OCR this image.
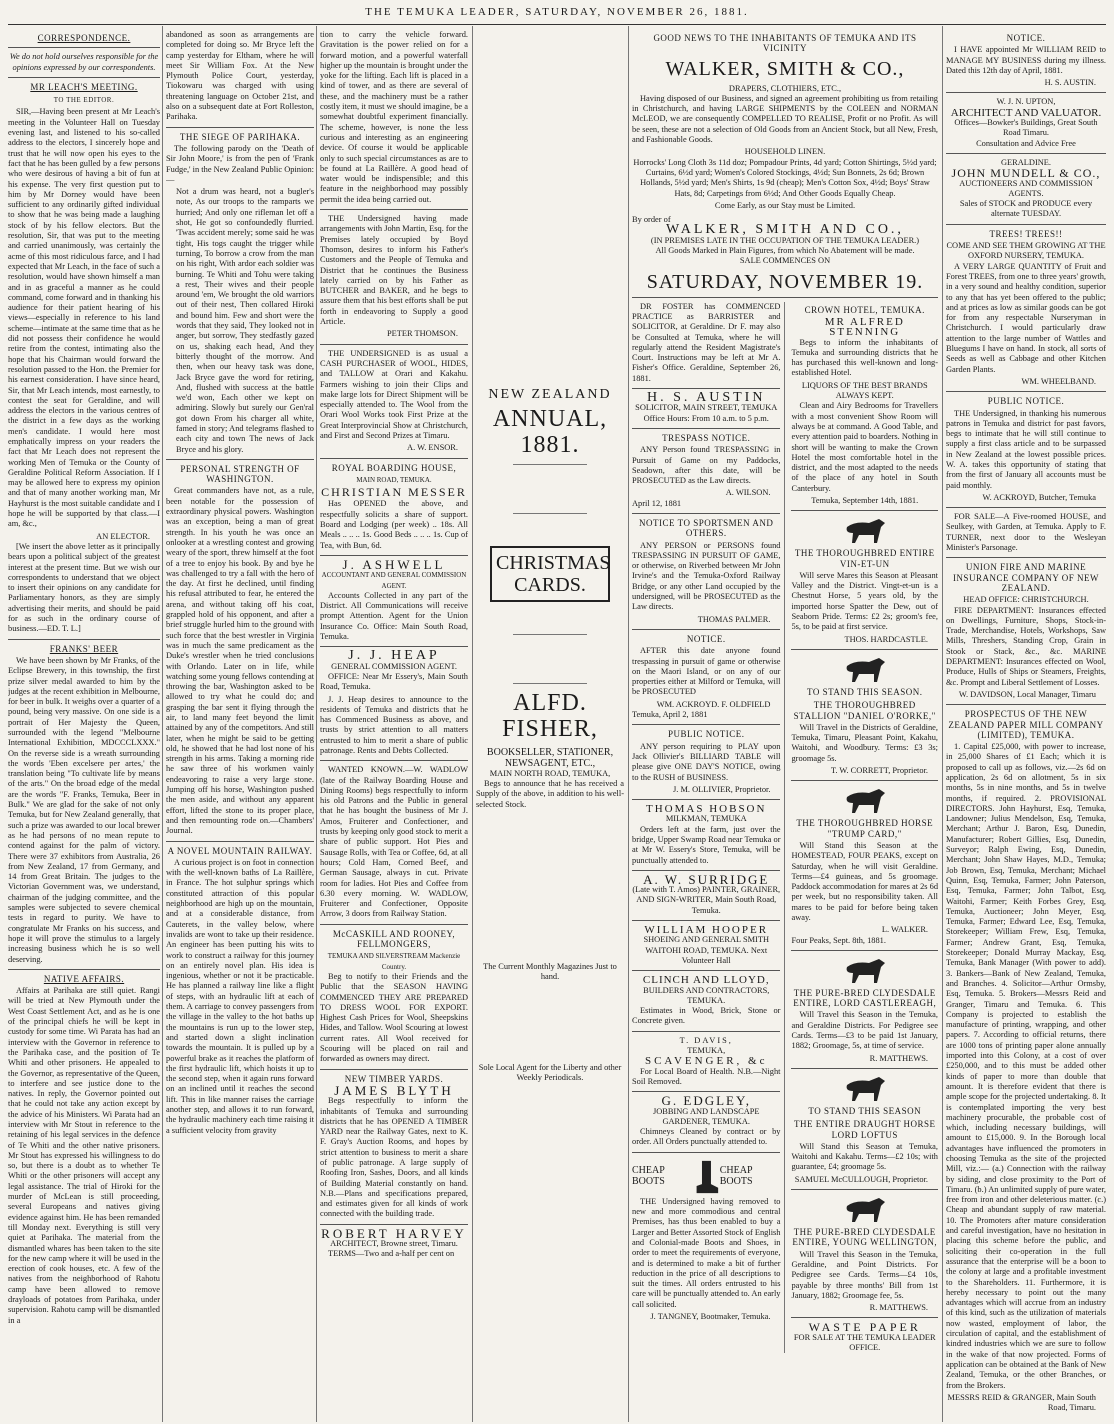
THE TEMUKA LEADER, SATURDAY, NOVEMBER 26, 1881.
CORRESPONDENCE.
We do not hold ourselves responsible for the opinions expressed by our correspondents.
MR LEACH'S MEETING.
TO THE EDITOR.

SIR,—Having been present at Mr Leach's meeting in the Volunteer Hall on Tuesday evening last, and listened to his so-called address to the electors, I sincerely hope and trust that he will now open his eyes to the fact that he has been gulled by a few persons who were desirous of having a bit of fun at his expense. The very first question put to him by Mr Dorney would have been sufficient to any ordinarily gifted individual to show that he was being made a laughing stock of by his fellow electors. But the resolution, Sir, that was put to the meeting and carried unanimously, was certainly the acme of this most ridiculous farce, and I had expected that Mr Leach, in the face of such a resolution, would have shown himself a man and in as graceful a manner as he could command, come forward and in thanking his audience for their patient hearing of his views—especially in reference to his land scheme—intimate at the same time that as he did not possess their confidence he would retire from the contest, intimating also the hope that his Chairman would forward the resolution passed to the Hon. the Premier for his earnest consideration. I have since heard, Sir, that Mr Leach intends, most earnestly, to contest the seat for Geraldine, and will address the electors in the various centres of the district in a few days as the working men's candidate. I would here most emphatically impress on your readers the fact that Mr Leach does not represent the working Men of Temuka or the County of Geraldine Political Reform Association. If I may be allowed here to express my opinion and that of many another working man, Mr Hayhurst is the most suitable candidate and I hope he will be supported by that class.—I am, &c.,

AN ELECTOR.

[We insert the above letter as it principally bears upon a political subject of the greatest interest at the present time. But we wish our correspondents to understand that we object to insert their opinions on any candidate for Parliamentary honors, as they are simply advertising their merits, and should be paid for as such in the ordinary course of business.—ED. T. L.]

FRANKS' BEER

We have been shown by Mr Franks, of the Eclipse Brewery, in this township, the first prize silver medal awarded to him by the judges at the recent exhibition in Melbourne, for beer in bulk. It weighs over a quarter of a pound, being very massive. On one side is a portrait of Her Majesty the Queen, surrounded with the legend "Melbourne International Exhibition, MDCCCLXXX." On the reverse side is a wreath surrounding the words 'Eben excelsere per artes,' the translation being "To cultivate life by means of the arts." On the broad edge of the medal are the words "F. Franks, Temuka, Beer in Bulk." We are glad for the sake of not only Temuka, but for New Zealand generally, that such a prize was awarded to our local brewer as he had persons of no mean repute to contend against for the palm of victory. There were 37 exhibitors from Australia, 26 from New Zealand, 17 from Germany, and 14 from Great Britain. The judges to the Victorian Government was, we understand, chairman of the judging committee, and the samples were subjected to severe chemical tests in regard to purity. We have to congratulate Mr Franks on his success, and hope it will prove the stimulus to a largely increasing business which he is so well deserving.

NATIVE AFFAIRS.

Affairs at Parihaka are still quiet. Rangi will be tried at New Plymouth under the West Coast Settlement Act, and as he is one of the principal chiefs he will be kept in custody for some time. Wi Parata has had an interview with the Governor in reference to the Parihaka case, and the position of Te Whiti and other prisoners. He appealed to the Governor, as representative of the Queen, to interfere and see justice done to the natives. In reply, the Governor pointed out that he could not take any action except by the advice of his Ministers. Wi Parata had an interview with Mr Stout in reference to the retaining of his legal services in the defence of Te Whiti and the other native prisoners. Mr Stout has expressed his willingness to do so, but there is a doubt as to whether Te Whiti or the other prisoners will accept any legal assistance. The trial of Hiroki for the murder of McLean is still proceeding, several Europeans and natives giving evidence against him. He has been remanded till Monday next. Everything is still very quiet at Parihaka. The material from the dismantled whares has been taken to the site for the new camp where it will be used in the erection of cook houses, etc. A few of the natives from the neighborhood of Rahotu camp have been allowed to remove drayloads of potatoes from Parihaka, under supervision. Rahotu camp will be dismantled in a

abandoned as soon as arrangements are completed for doing so. Mr Bryce left the camp yesterday for Eltham, where he will meet Sir William Fox. At the New Plymouth Police Court, yesterday, Tiokowaru was charged with using threatening language on October 21st, and also on a subsequent date at Fort Rolleston, Parihaka.

THE SIEGE OF PARIHAKA.

The following parody on the 'Death of Sir John Moore,' is from the pen of 'Frank Fudge,' in the New Zealand Public Opinion:—

Not a drum was heard, not a bugler's note, As our troops to the ramparts we hurried; And only one rifleman let off a shot, He got so confoundedly flurried. 'Twas accident merely; some said he was tight, His togs caught the trigger while turning, To borrow a crow from the man on his right, With ardor each soldier was burning. Te Whiti and Tohu were taking a rest, Their wives and their people around 'em, We brought the old warriors out of their nest, Then collared Hiroki and bound him. Few and short were the words that they said, They looked not in anger, but sorrow, They stedfastly gazed on us, shaking each head, And they bitterly thought of the morrow. And then, when our heavy task was done, Jack Bryce gave the word for retiring, And, flushed with success at the battle we'd won, Each other we kept on admiring. Slowly but surely our Gen'ral got down From his charger all white, famed in story; And telegrams flashed to each city and town The news of Jack Bryce and his glory.

PERSONAL STRENGTH OF WASHINGTON.

Great commanders have not, as a rule, been notable for the possession of extraordinary physical powers. Washington was an exception, being a man of great strength. In his youth he was once an onlooker at a wrestling contest and growing weary of the sport, threw himself at the foot of a tree to enjoy his book. By and bye he was challenged to try a fall with the hero of the day. At first he declined, until finding his refusal attributed to fear, he entered the arena, and without taking off his coat, grappled hold of his opponent, and after a brief struggle hurled him to the ground with such force that the best wrestler in Virginia was in much the same predicament as the Duke's wrestler when he tried conclusions with Orlando. Later on in life, while watching some young fellows contending at throwing the bar, Washington asked to be allowed to try what he could do; and grasping the bar sent it flying through the air, to land many feet beyond the limit attained by any of the competitors. And still later, when he might be said to be getting old, he showed that he had lost none of his strength in his arms. Taking a morning ride he saw three of his workmen vainly endeavoring to raise a very large stone. Jumping off his horse, Washington pushed the men aside, and without any apparent effort, lifted the stone to its proper place, and then remounting rode on.—Chambers' Journal.

A NOVEL MOUNTAIN RAILWAY.

A curious project is on foot in connection with the well-known baths of La Raillère, in France. The hot sulphur springs which constituted attraction of this popular neighborhood are high up on the mountain, and at a considerable distance, from Cauterets, in the valley below, where invalids are wont to take up their residence. An engineer has been putting his wits to work to construct a railway for this journey on an entirely novel plan. His idea is ingenious, whether or not it be practicable. He has planned a railway line like a flight of steps, with an hydraulic lift at each of them. A carriage to convey passengers from the village in the valley to the hot baths up the mountains is run up to the lower step, and started down a slight inclination towards the mountain. It is pulled up by a powerful brake as it reaches the platform of the first hydraulic lift, which hoists it up to the second step, when it again runs forward on an inclined until it reaches the second lift. This in like manner raises the carriage another step, and allows it to run forward, the hydraulic machinery each time raising it a sufficient velocity from gravity

tion to carry the vehicle forward. Gravitation is the power relied on for a forward motion, and a powerful waterfall higher up the mountain is brought under the yoke for the lifting. Each lift is placed in a kind of tower, and as there are several of these, and the machinery must be a rather costly item, it must we should imagine, be a somewhat doubtful experiment financially. The scheme, however, is none the less curious and interesting as an engineering device. Of course it would be applicable only to such special circumstances as are to be found at La Raillère. A good head of water would be indispensible; and this feature in the neighborhood may possibly permit the idea being carried out.

THE Undersigned having made arrangements with John Martin, Esq. for the Premises lately occupied by Boyd Thomson, desires to inform his Father's Customers and the People of Temuka and District that he continues the Business lately carried on by his Father as BUTCHER and BAKER, and he begs to assure them that his best efforts shall be put forth in endeavoring to Supply a good Article.

PETER THOMSON.

THE UNDERSIGNED is as usual a CASH PURCHASER of WOOL, HIDES, and TALLOW at Orari and Kakahu. Farmers wishing to join their Clips and make large lots for Direct Shipment will be especially attended to. The Wool from the Orari Wool Works took First Prize at the Great Interprovincial Show at Christchurch, and First and Second Prizes at Timaru.

A. W. ENSOR.
ROYAL BOARDING HOUSE,
MAIN ROAD, TEMUKA.
CHRISTIAN MESSER

Has OPENED the above, and respectfully solicits a share of support. Board and Lodging (per week) .. 18s. All Meals .. .. .. 1s. Good Beds .. .. .. 1s. Cup of Tea, with Bun, 6d.

J. ASHWELL
ACCOUNTANT AND GENERAL COMMISSION AGENT.

Accounts Collected in any part of the District. All Communications will receive prompt Attention. Agent for the Union Insurance Co. Office: Main South Road, Temuka.

J. J. HEAP
GENERAL COMMISSION AGENT.

OFFICE: Near Mr Essery's, Main South Road, Temuka.

J. J. Heap desires to announce to the residents of Temuka and districts that he has Commenced Business as above, and trusts by strict attention to all matters entrusted to him to merit a share of public patronage. Rents and Debts Collected.

WANTED KNOWN.—W. WADLOW (late of the Railway Boarding House and Dining Rooms) begs respectfully to inform his old Patrons and the Public in general that he has bought the business of Mr J. Amos, Fruiterer and Confectioner, and trusts by keeping only good stock to merit a share of public support. Hot Pies and Sausage Rolls, with Tea or Coffee, 6d, at all hours; Cold Ham, Corned Beef, and German Sausage, always in cut. Private room for ladies. Hot Pies and Coffee from 6.30 every morning. W. WADLOW, Fruiterer and Confectioner, Opposite Arrow, 3 doors from Railway Station.

McCASKILL AND ROONEY, FELLMONGERS,
TEMUKA AND SILVERSTREAM Mackenzie Country.

Beg to notify to their Friends and the Public that the SEASON HAVING COMMENCED THEY ARE PREPARED TO DRESS WOOL FOR EXPORT. Highest Cash Prices for Wool, Sheepskins Hides, and Tallow. Wool Scouring at lowest current rates. All Wool received for Scouring will be placed on rail and forwarded as owners may direct.

NEW TIMBER YARDS.
JAMES BLYTH

Begs respectfully to inform the inhabitants of Temuka and surrounding districts that he has OPENED A TIMBER YARD near the Railway Gates, next to K. F. Gray's Auction Rooms, and hopes by strict attention to business to merit a share of public patronage. A large supply of Roofing Iron, Sashes, Doors, and all kinds of Building Material constantly on hand. N.B.—Plans and specifications prepared, and estimates given for all kinds of work connected with the building trade.

ROBERT HARVEY
ARCHITECT, Browne street, Timaru.

TERMS—Two and a-half per cent on

NEW ZEALAND
ANNUAL, 1881.
CHRISTMAS CARDS.
ALFD. FISHER,
BOOKSELLER, STATIONER, NEWSAGENT, ETC.,
MAIN NORTH ROAD, TEMUKA,

Begs to announce that he has received a Supply of the above, in addition to his well-selected Stock.

The Current Monthly Magazines Just to hand.
Sole Local Agent for the Liberty and other Weekly Periodicals.
GOOD NEWS TO THE INHABITANTS OF TEMUKA AND ITS VICINITY
WALKER, SMITH & CO.,
DRAPERS, CLOTHIERS, ETC.,

Having disposed of our Business, and signed an agreement prohibiting us from retailing in Christchurch, and having LARGE SHIPMENTS by the COLEEN and NORMAN McLEOD, we are consequently COMPELLED TO REALISE, Profit or no Profit. As will be seen, these are not a selection of Old Goods from an Ancient Stock, but all New, Fresh, and Fashionable Goods.

HOUSEHOLD LINEN.

Horrocks' Long Cloth 3s 11d doz; Pompadour Prints, 4d yard; Cotton Shirtings, 5½d yard; Curtains, 6½d yard; Women's Colored Stockings, 4½d; Sun Bonnets, 2s 6d; Brown Hollands, 5½d yard; Men's Shirts, 1s 9d (cheap); Men's Cotton Sox, 4½d; Boys' Straw Hats, 8d; Carpetings from 6½d; And Other Goods Equally Cheap.

Come Early, as our Stay must be Limited.
By order of
WALKER, SMITH AND CO.,
(IN PREMISES LATE IN THE OCCUPATION OF THE TEMUKA LEADER.)
All Goods Marked in Plain Figures, from which No Abatement will be made.
SALE COMMENCES ON
SATURDAY, NOVEMBER 19.

DR FOSTER has COMMENCED PRACTICE as BARRISTER and SOLICITOR, at Geraldine. Dr F. may also be Consulted at Temuka, where he will regularly attend the Resident Magistrate's Court. Instructions may be left at Mr A. Fisher's Office. Geraldine, September 26, 1881.

H. S. AUSTIN
SOLICITOR, MAIN STREET, TEMUKA
Office Hours: From 10 a.m. to 5 p.m.
TRESPASS NOTICE.

ANY Person found TRESPASSING in Pursuit of Game on my Paddocks, Seadown, after this date, will be PROSECUTED as the Law directs.

A. WILSON.
April 12, 1881
NOTICE TO SPORTSMEN AND OTHERS.

ANY PERSON or PERSONS found TRESPASSING IN PURSUIT OF GAME, or otherwise, on Riverbed between Mr John Irvine's and the Temuka-Oxford Railway Bridge, or any other Land occupied by the undersigned, will be PROSECUTED as the Law directs.

THOMAS PALMER.
NOTICE.

AFTER this date anyone found trespassing in pursuit of game or otherwise on the Maori Island, or on any of our properties either at Milford or Temuka, will be PROSECUTED

WM. ACKROYD. F. OLDFIELD
Temuka, April 2, 1881
PUBLIC NOTICE.

ANY person requiring to PLAY upon Jack Ollivier's BILLIARD TABLE will please give ONE DAY'S NOTICE, owing to the RUSH of BUSINESS.

J. M. OLLIVIER, Proprietor.
THOMAS HOBSON
MILKMAN, TEMUKA

Orders left at the farm, just over the bridge, Upper Swamp Road near Temuka or at Mr W. Essery's Store, Temuka, will be punctually attended to.

A. W. SURRIDGE
(Late with T. Amos) PAINTER, GRAINER, AND SIGN-WRITER, Main South Road, Temuka.
WILLIAM HOOPER
SHOEING AND GENERAL SMITH WAITOHI ROAD, TEMUKA. Next Volunteer Hall
CLINCH AND LLOYD,
BUILDERS AND CONTRACTORS, TEMUKA.

Estimates in Wood, Brick, Stone or Concrete given.

T. DAVIS,
TEMUKA,
SCAVENGER, &c

For Local Board of Health. N.B.—Night Soil Removed.

G. EDGLEY,
JOBBING AND LANDSCAPE GARDENER, TEMUKA.

Chimneys Cleaned by contract or by order. All Orders punctually attended to.

CHEAP BOOTS
CHEAP BOOTS

THE Undersigned having removed to new and more commodious and central Premises, has thus been enabled to buy a Larger and Better Assorted Stock of English and Colonial-made Boots and Shoes, in order to meet the requirements of everyone, and is determined to make a bit of further reduction in the price of all descriptions to suit the times. All orders entrusted to his care will be punctually attended to. An early call solicited.

J. TANGNEY, Bootmaker, Temuka.
CROWN HOTEL, TEMUKA.
MR ALFRED STENNING

Begs to inform the inhabitants of Temuka and surrounding districts that he has purchased this well-known and long-established Hotel.

LIQUORS OF THE BEST BRANDS ALWAYS KEPT.

Clean and Airy Bedrooms for Travellers with a most convenient Show Room will always be at command. A Good Table, and every attention paid to boarders. Nothing in short will be wanting to make the Crown Hotel the most comfortable hotel in the district, and the most adapted to the needs of the place of any hotel in South Canterbury.

Temuka, September 14th, 1881.
THE THOROUGHBRED ENTIRE VIN-ET-UN

Will serve Mares this Season at Pleasant Valley and the District. Vingt-et-un is a Chestnut Horse, 5 years old, by the imported horse Spatter the Dew, out of Seaborn Pride. Terms: £2 2s; groom's fee, 5s, to be paid at first service.

THOS. HARDCASTLE.
TO STAND THIS SEASON.
THE THOROUGHBRED STALLION "DANIEL O'RORKE,"

Will Travel in the Districts of Geraldine, Temuka, Timaru, Pleasant Point, Kakahu, Waitohi, and Woodbury. Terms: £3 3s; groomage 5s.

T. W. CORRETT, Proprietor.
THE THOROUGHBRED HORSE "TRUMP CARD,"

Will Stand this Season at the HOMESTEAD, FOUR PEAKS, except on Saturday, when he will visit Geraldine. Terms—£4 guineas, and 5s groomage. Paddock accommodation for mares at 2s 6d per week, but no responsibility taken. All mares to be paid for before being taken away.

L. WALKER.
Four Peaks, Sept. 8th, 1881.
THE PURE-BRED CLYDESDALE ENTIRE, LORD CASTLEREAGH,

Will Travel this Season in the Temuka, and Geraldine Districts. For Pedigree see Cards. Terms—£3 to be paid 1st January, 1882; Groomage, 5s, at time of service.

R. MATTHEWS.
TO STAND THIS SEASON
THE ENTIRE DRAUGHT HORSE LORD LOFTUS

Will Stand this Season at Temuka, Waitohi and Kakahu. Terms—£2 10s; with guarantee, £4; groomage 5s.

SAMUEL McCULLOUGH, Proprietor.
THE PURE-BRED CLYDESDALE ENTIRE, YOUNG WELLINGTON,

Will Travel this Season in the Temuka, Geraldine, and Point Districts. For Pedigree see Cards. Terms—£4 10s, payable by three months' Bill from 1st January, 1882; Groomage fee, 5s.

R. MATTHEWS.
WASTE PAPER
FOR SALE AT THE TEMUKA LEADER OFFICE.
NOTICE.

I HAVE appointed Mr WILLIAM REID to MANAGE MY BUSINESS during my illness. Dated this 12th day of April, 1881.

H. S. AUSTIN.
W. J. N. UPTON,
ARCHITECT AND VALUATOR.
Offices—Bowker's Buildings, Great South Road Timaru.
Consultation and Advice Free
GERALDINE.
JOHN MUNDELL & CO.,
AUCTIONEERS AND COMMISSION AGENTS.
Sales of STOCK and PRODUCE every alternate TUESDAY.
TREES! TREES!!
COME AND SEE THEM GROWING AT THE OXFORD NURSERY, TEMUKA.

A VERY LARGE QUANTITY of Fruit and Forest TREES, from one to three years' growth, in a very sound and healthy condition, superior to any that has yet been offered to the public; and at prices as low as similar goods can be got for from any respectable Nurseryman in Christchurch. I would particularly draw attention to the large number of Wattles and Bluegums I have on hand. In stock, all sorts of Seeds as well as Cabbage and other Kitchen Garden Plants.

WM. WHEELBAND.
PUBLIC NOTICE.

THE Undersigned, in thanking his numerous patrons in Temuka and district for past favors, begs to intimate that he will still continue to supply a first class article and to be surpassed in New Zealand at the lowest possible prices. W. A. takes this opportunity of stating that from the first of January all accounts must be paid monthly.

W. ACKROYD, Butcher, Temuka

FOR SALE—A Five-roomed HOUSE, and Seulkey, with Garden, at Temuka. Apply to F. TURNER, next door to the Wesleyan Minister's Parsonage.

UNION FIRE AND MARINE INSURANCE COMPANY OF NEW ZEALAND.
HEAD OFFICE: CHRISTCHURCH.

FIRE DEPARTMENT: Insurances effected on Dwellings, Furniture, Shops, Stock-in-Trade, Merchandise, Hotels, Workshops, Saw Mills, Threshers, Standing Crop, Grain in Stook or Stack, &c., &c. MARINE DEPARTMENT: Insurances effected on Wool, Produce, Hulls of Ships or Steamers, Freights, &c. Prompt and Liberal Settlement of Losses.

W. DAVIDSON, Local Manager, Timaru
PROSPECTUS OF THE NEW ZEALAND PAPER MILL COMPANY (LIMITED), TEMUKA.

1. Capital £25,000, with power to increase, in 25,000 Shares of £1 Each; which it is proposed to call up as follows, viz.—2s 6d on application, 2s 6d on allotment, 5s in six months, 5s in nine months, and 5s in twelve months, if required. 2. PROVISIONAL DIRECTORS. John Hayhurst, Esq, Temuka, Landowner; Julius Mendelson, Esq, Temuka, Merchant; Arthur J. Baron, Esq, Dunedin, Manufacturer; Robert Gillies, Esq, Dunedin, Surveyor; Ralph Ewing, Esq, Dunedin, Merchant; John Shaw Hayes, M.D., Temuka; Job Brown, Esq, Temuka, Merchant; Michael Quinn, Esq, Temuka, Farmer; John Paterson, Esq, Temuka, Farmer; John Talbot, Esq, Waitohi, Farmer; Keith Forbes Grey, Esq, Temuka, Auctioneer; John Meyer, Esq, Temuka, Farmer; Edward Lee, Esq, Temuka, Storekeeper; William Frew, Esq, Temuka, Farmer; Andrew Grant, Esq, Temuka, Storekeeper; Donald Murray Mackay, Esq, Temuka, Bank Manager (With power to add). 3. Bankers—Bank of New Zealand, Temuka, and Branches. 4. Solicitor—Arthur Ormsby, Esq, Temuka. 5. Brokers—Messrs Reid and Granger, Timaru and Temuka. 6. This Company is projected to establish the manufacture of printing, wrapping, and other papers. 7. According to official returns, there are 1000 tons of printing paper alone annually imported into this Colony, at a cost of over £250,000, and to this must be added other kinds of paper to more than double that amount. It is therefore evident that there is ample scope for the projected undertaking. 8. It is contemplated importing the very best machinery procurable, the probable cost of which, including necessary buildings, will amount to £15,000. 9. In the Borough local advantages have influenced the promoters in choosing Temuka as the site of the projected Mill, viz.:— (a.) Connection with the railway by siding, and close proximity to the Port of Timaru. (b.) An unlimited supply of pure water, free from iron and other deleterious matter. (c.) Cheap and abundant supply of raw material. 10. The Promoters after mature consideration and careful investigation, have no hesitation in placing this scheme before the public, and soliciting their co-operation in the full assurance that the enterprise will be a boon to the colony at large and a profitable investment to the Shareholders. 11. Furthermore, it is hereby necessary to point out the many advantages which will accrue from an industry of this kind, such as the utilization of materials now wasted, employment of labor, the circulation of capital, and the establishment of kindred industries which we are sure to follow in the wake of that now projected. Forms of application can be obtained at the Bank of New Zealand, Temuka, or the other Branches, or from the Brokers.

MESSRS REID & GRANGER, Main South Road, Timaru.
